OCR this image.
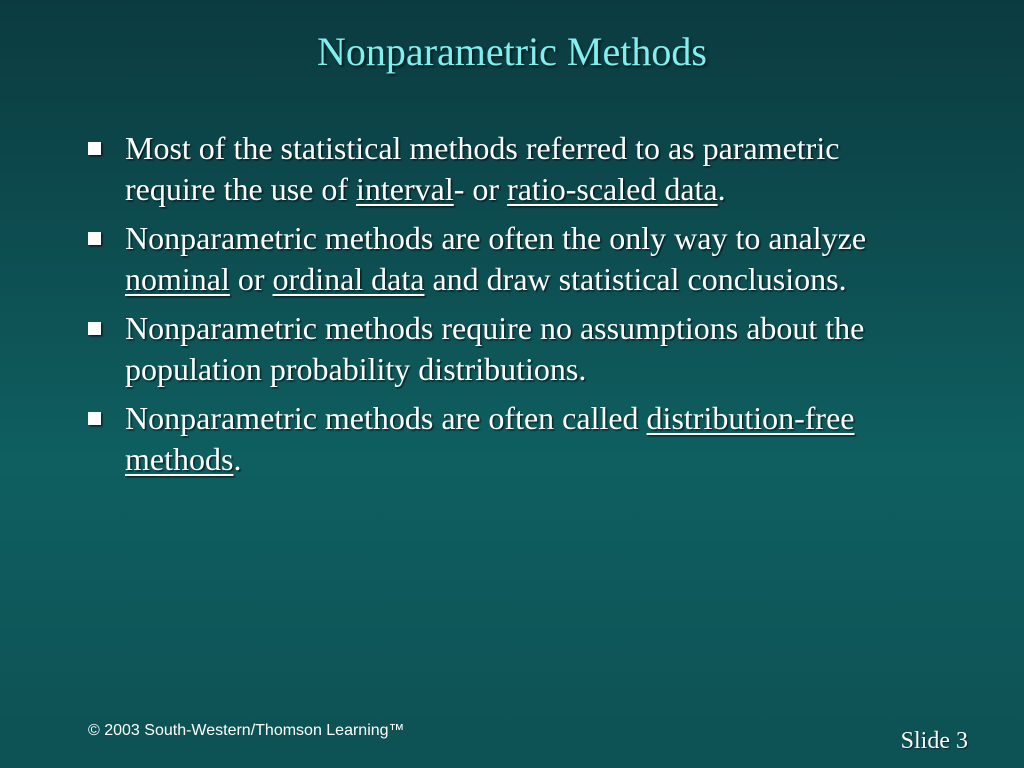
Nonparametric Methods
Most of the statistical methods referred to as parametric require the use of interval- or ratio-scaled data.
Nonparametric methods are often the only way to analyze nominal or ordinal data and draw statistical conclusions.
Nonparametric methods require no assumptions about the population probability distributions.
Nonparametric methods are often called distribution-free methods.
© 2003 South-Western/Thomson Learning™	Slide 3
